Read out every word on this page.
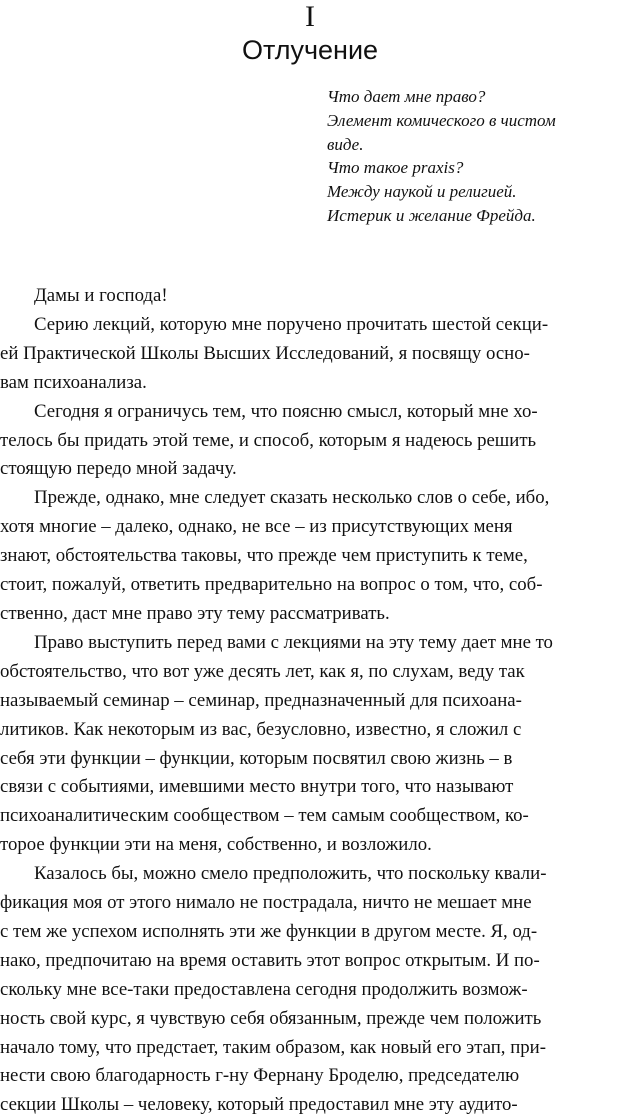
I
Отлучение
Что дает мне право?
Элемент комического в чистом
виде.
Что такое praxis?
Между наукой и религией.
Истерик и желание Фрейда.
Дамы и господа!
Серию лекций, которую мне поручено прочитать шестой секци-
ей Практической Школы Высших Исследований, я посвящу осно-
вам психоанализа.
Сегодня я ограничусь тем, что поясню смысл, который мне хо-
телось бы придать этой теме, и способ, которым я надеюсь решить
стоящую передо мной задачу.
Прежде, однако, мне следует сказать несколько слов о себе, ибо,
хотя многие – далеко, однако, не все – из присутствующих меня
знают, обстоятельства таковы, что прежде чем приступить к теме,
стоит, пожалуй, ответить предварительно на вопрос о том, что, соб-
ственно, даст мне право эту тему рассматривать.
Право выступить перед вами с лекциями на эту тему дает мне то
обстоятельство, что вот уже десять лет, как я, по слухам, веду так
называемый семинар – семинар, предназначенный для психоана-
литиков. Как некоторым из вас, безусловно, известно, я сложил с
себя эти функции – функции, которым посвятил свою жизнь – в
связи с событиями, имевшими место внутри того, что называют
психоаналитическим сообществом – тем самым сообществом, ко-
торое функции эти на меня, собственно, и возложило.
Казалось бы, можно смело предположить, что поскольку квали-
фикация моя от этого нимало не пострадала, ничто не мешает мне
с тем же успехом исполнять эти же функции в другом месте. Я, од-
нако, предпочитаю на время оставить этот вопрос открытым. И по-
скольку мне все-таки предоставлена сегодня продолжить возмож-
ность свой курс, я чувствую себя обязанным, прежде чем положить
начало тому, что предстает, таким образом, как новый его этап, при-
нести свою благодарность г-ну Фернану Броделю, председателю
секции Школы – человеку, который предоставил мне эту аудито-
